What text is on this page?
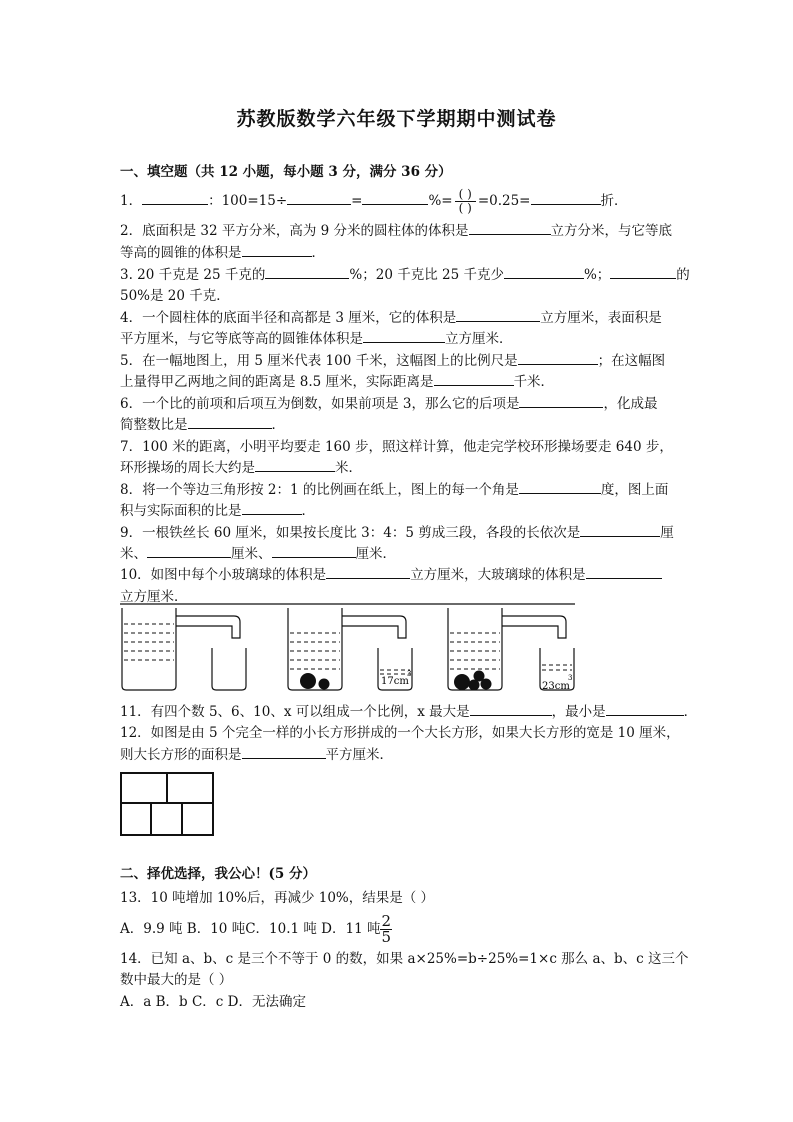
苏教版数学六年级下学期期中测试卷
一、填空题（共 12 小题，每小题 3 分，满分 36 分）
1．	：100=15÷	=	%= $\frac{( )}{( )} =0.25=$	折．
2．底面积是 32 平方分米，高为 9 分米的圆柱体的体积是	立方分米，与它等底
等高的圆锥的体积是	．
3. 20 千克是 25 千克的	%；20 千克比 25 千克少	%；	的
50%是 20 千克．
4．一个圆柱体的底面半径和高都是 3 厘米，它的体积是	立方厘米，表面积是
平方厘米，与它等底等高的圆锥体体积是	立方厘米．
5．在一幅地图上，用 5 厘米代表 100 千米，这幅图上的比例尺是	；在这幅图
上量得甲乙两地之间的距离是 8.5 厘米，实际距离是	千米．
6．一个比的前项和后项互为倒数，如果前项是 3，那么它的后项是	，化成最
简整数比是	．
7．100 米的距离，小明平均要走 160 步，照这样计算，他走完学校环形操场要走 640 步，
环形操场的周长大约是	米．
8．将一个等边三角形按 2：1 的比例画在纸上，图上的每一个角是	度，图上面
积与实际面积的比是	．
9．一根铁丝长 60 厘米，如果按长度比 3：4：5 剪成三段，各段的长依次是	厘
米、	厘米、	厘米．
10．如图中每个小玻璃球的体积是	立方厘米，大玻璃球的体积是
立方厘米．
17cm
3
23cm
3
11．有四个数 5、6、10、x 可以组成一个比例，x 最大是	，最小是	．
12．如图是由 5 个完全一样的小长方形拼成的一个大长方形，如果大长方形的宽是 10 厘米，
则大长方形的面积是	平方厘米．
二、择优选择，我公心！(5 分）
13．10 吨增加 10%后，再减少 10%，结果是（ ）
A．9.9 吨 B．10 吨C．10.1 吨 D．11 吨 $\frac{2}{5}$
14．已知 a、b、c 是三个不等于 0 的数，如果 a×25%=b÷25%=1×c 那么 a、b、c 这三个
数中最大的是（ ）
A．a B．b C．c D．无法确定
